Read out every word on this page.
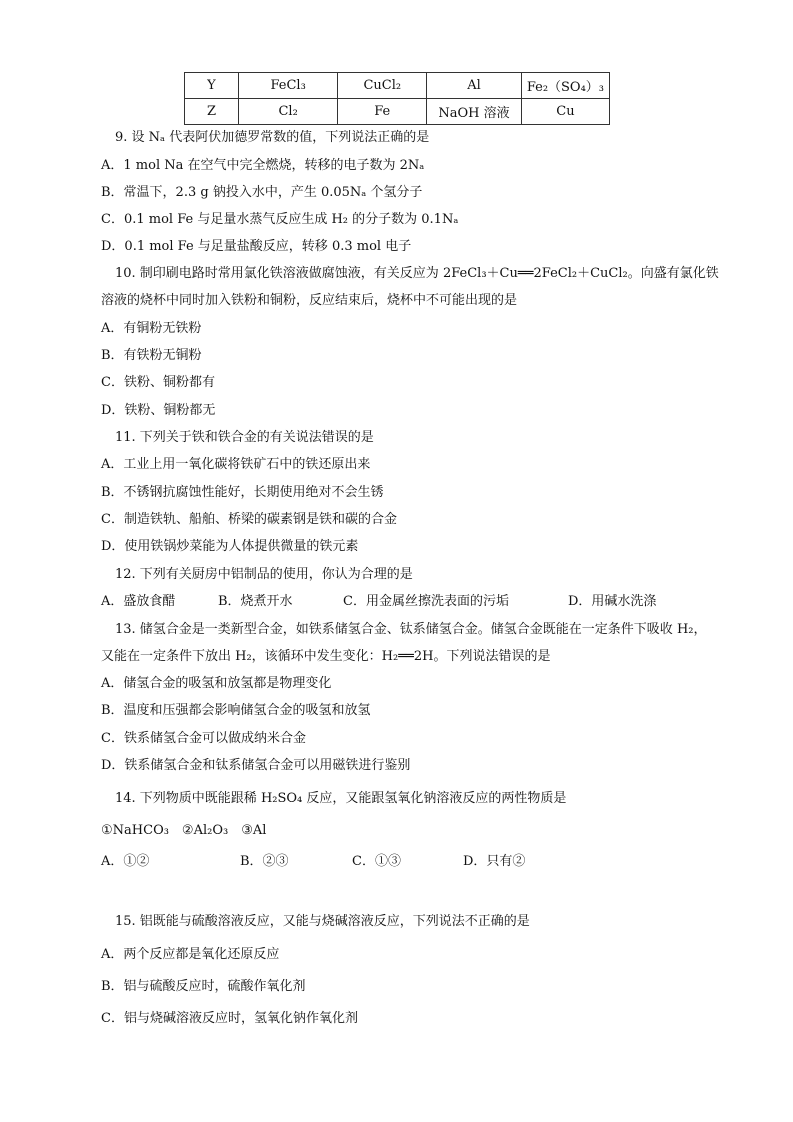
Y	FeCl₃	CuCl₂	Al	Fe₂（SO₄）₃
Z	Cl₂	Fe	NaOH 溶液	Cu
9. 设 Nₐ 代表阿伏加德罗常数的值，下列说法正确的是
A．1 mol Na 在空气中完全燃烧，转移的电子数为 2Nₐ
B．常温下，2.3 g 钠投入水中，产生 0.05Nₐ 个氢分子
C．0.1 mol Fe 与足量水蒸气反应生成 H₂ 的分子数为 0.1Nₐ
D．0.1 mol Fe 与足量盐酸反应，转移 0.3 mol 电子
10. 制印刷电路时常用氯化铁溶液做腐蚀液，有关反应为 2FeCl₃＋Cu══2FeCl₂＋CuCl₂。向盛有氯化铁
溶液的烧杯中同时加入铁粉和铜粉，反应结束后，烧杯中不可能出现的是
A．有铜粉无铁粉
B．有铁粉无铜粉
C．铁粉、铜粉都有
D．铁粉、铜粉都无
11. 下列关于铁和铁合金的有关说法错误的是
A．工业上用一氧化碳将铁矿石中的铁还原出来
B．不锈钢抗腐蚀性能好，长期使用绝对不会生锈
C．制造铁轨、船舶、桥梁的碳素钢是铁和碳的合金
D．使用铁锅炒菜能为人体提供微量的铁元素
12. 下列有关厨房中铝制品的使用，你认为合理的是
A．盛放食醋	B．烧煮开水	C．用金属丝擦洗表面的污垢	D．用碱水洗涤
13. 储氢合金是一类新型合金，如铁系储氢合金、钛系储氢合金。储氢合金既能在一定条件下吸收 H₂，
又能在一定条件下放出 H₂，该循环中发生变化：H₂══2H。下列说法错误的是
A．储氢合金的吸氢和放氢都是物理变化
B．温度和压强都会影响储氢合金的吸氢和放氢
C．铁系储氢合金可以做成纳米合金
D．铁系储氢合金和钛系储氢合金可以用磁铁进行鉴别
14. 下列物质中既能跟稀 H₂SO₄ 反应，又能跟氢氧化钠溶液反应的两性物质是
①NaHCO₃　②Al₂O₃　③Al
A．①②	B．②③	C．①③	D．只有②
15. 铝既能与硫酸溶液反应，又能与烧碱溶液反应，下列说法不正确的是
A．两个反应都是氧化还原反应
B．铝与硫酸反应时，硫酸作氧化剂
C．铝与烧碱溶液反应时，氢氧化钠作氧化剂
